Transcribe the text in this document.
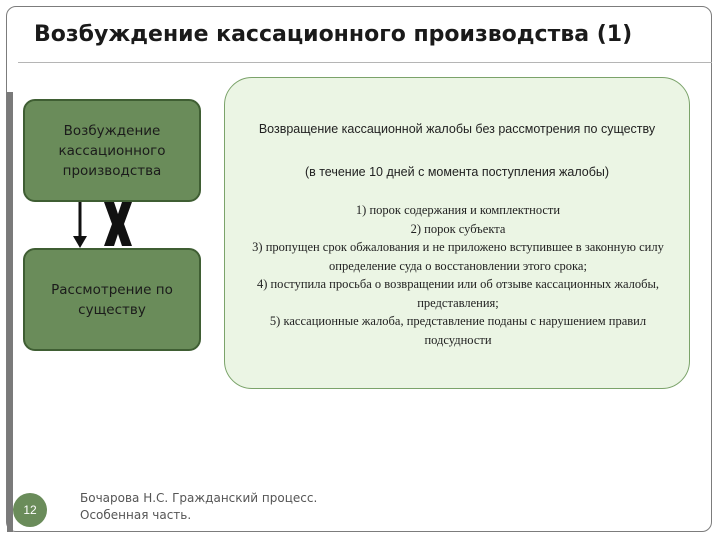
Возбуждение кассационного производства (1)
Возбуждение кассационного производства
Рассмотрение по существу
Возвращение кассационной жалобы без рассмотрения по существу
(в течение 10 дней с момента поступления жалобы)
1) порок содержания и комплектности
2) порок субъекта
3) пропущен срок обжалования и не приложено вступившее в законную силу определение суда о восстановлении этого срока;
4) поступила просьба о возвращении или об отзыве кассационных жалобы, представления;
5) кассационные жалоба, представление поданы с нарушением правил подсудности
12
Бочарова Н.С. Гражданский процесс.
Особенная часть.
